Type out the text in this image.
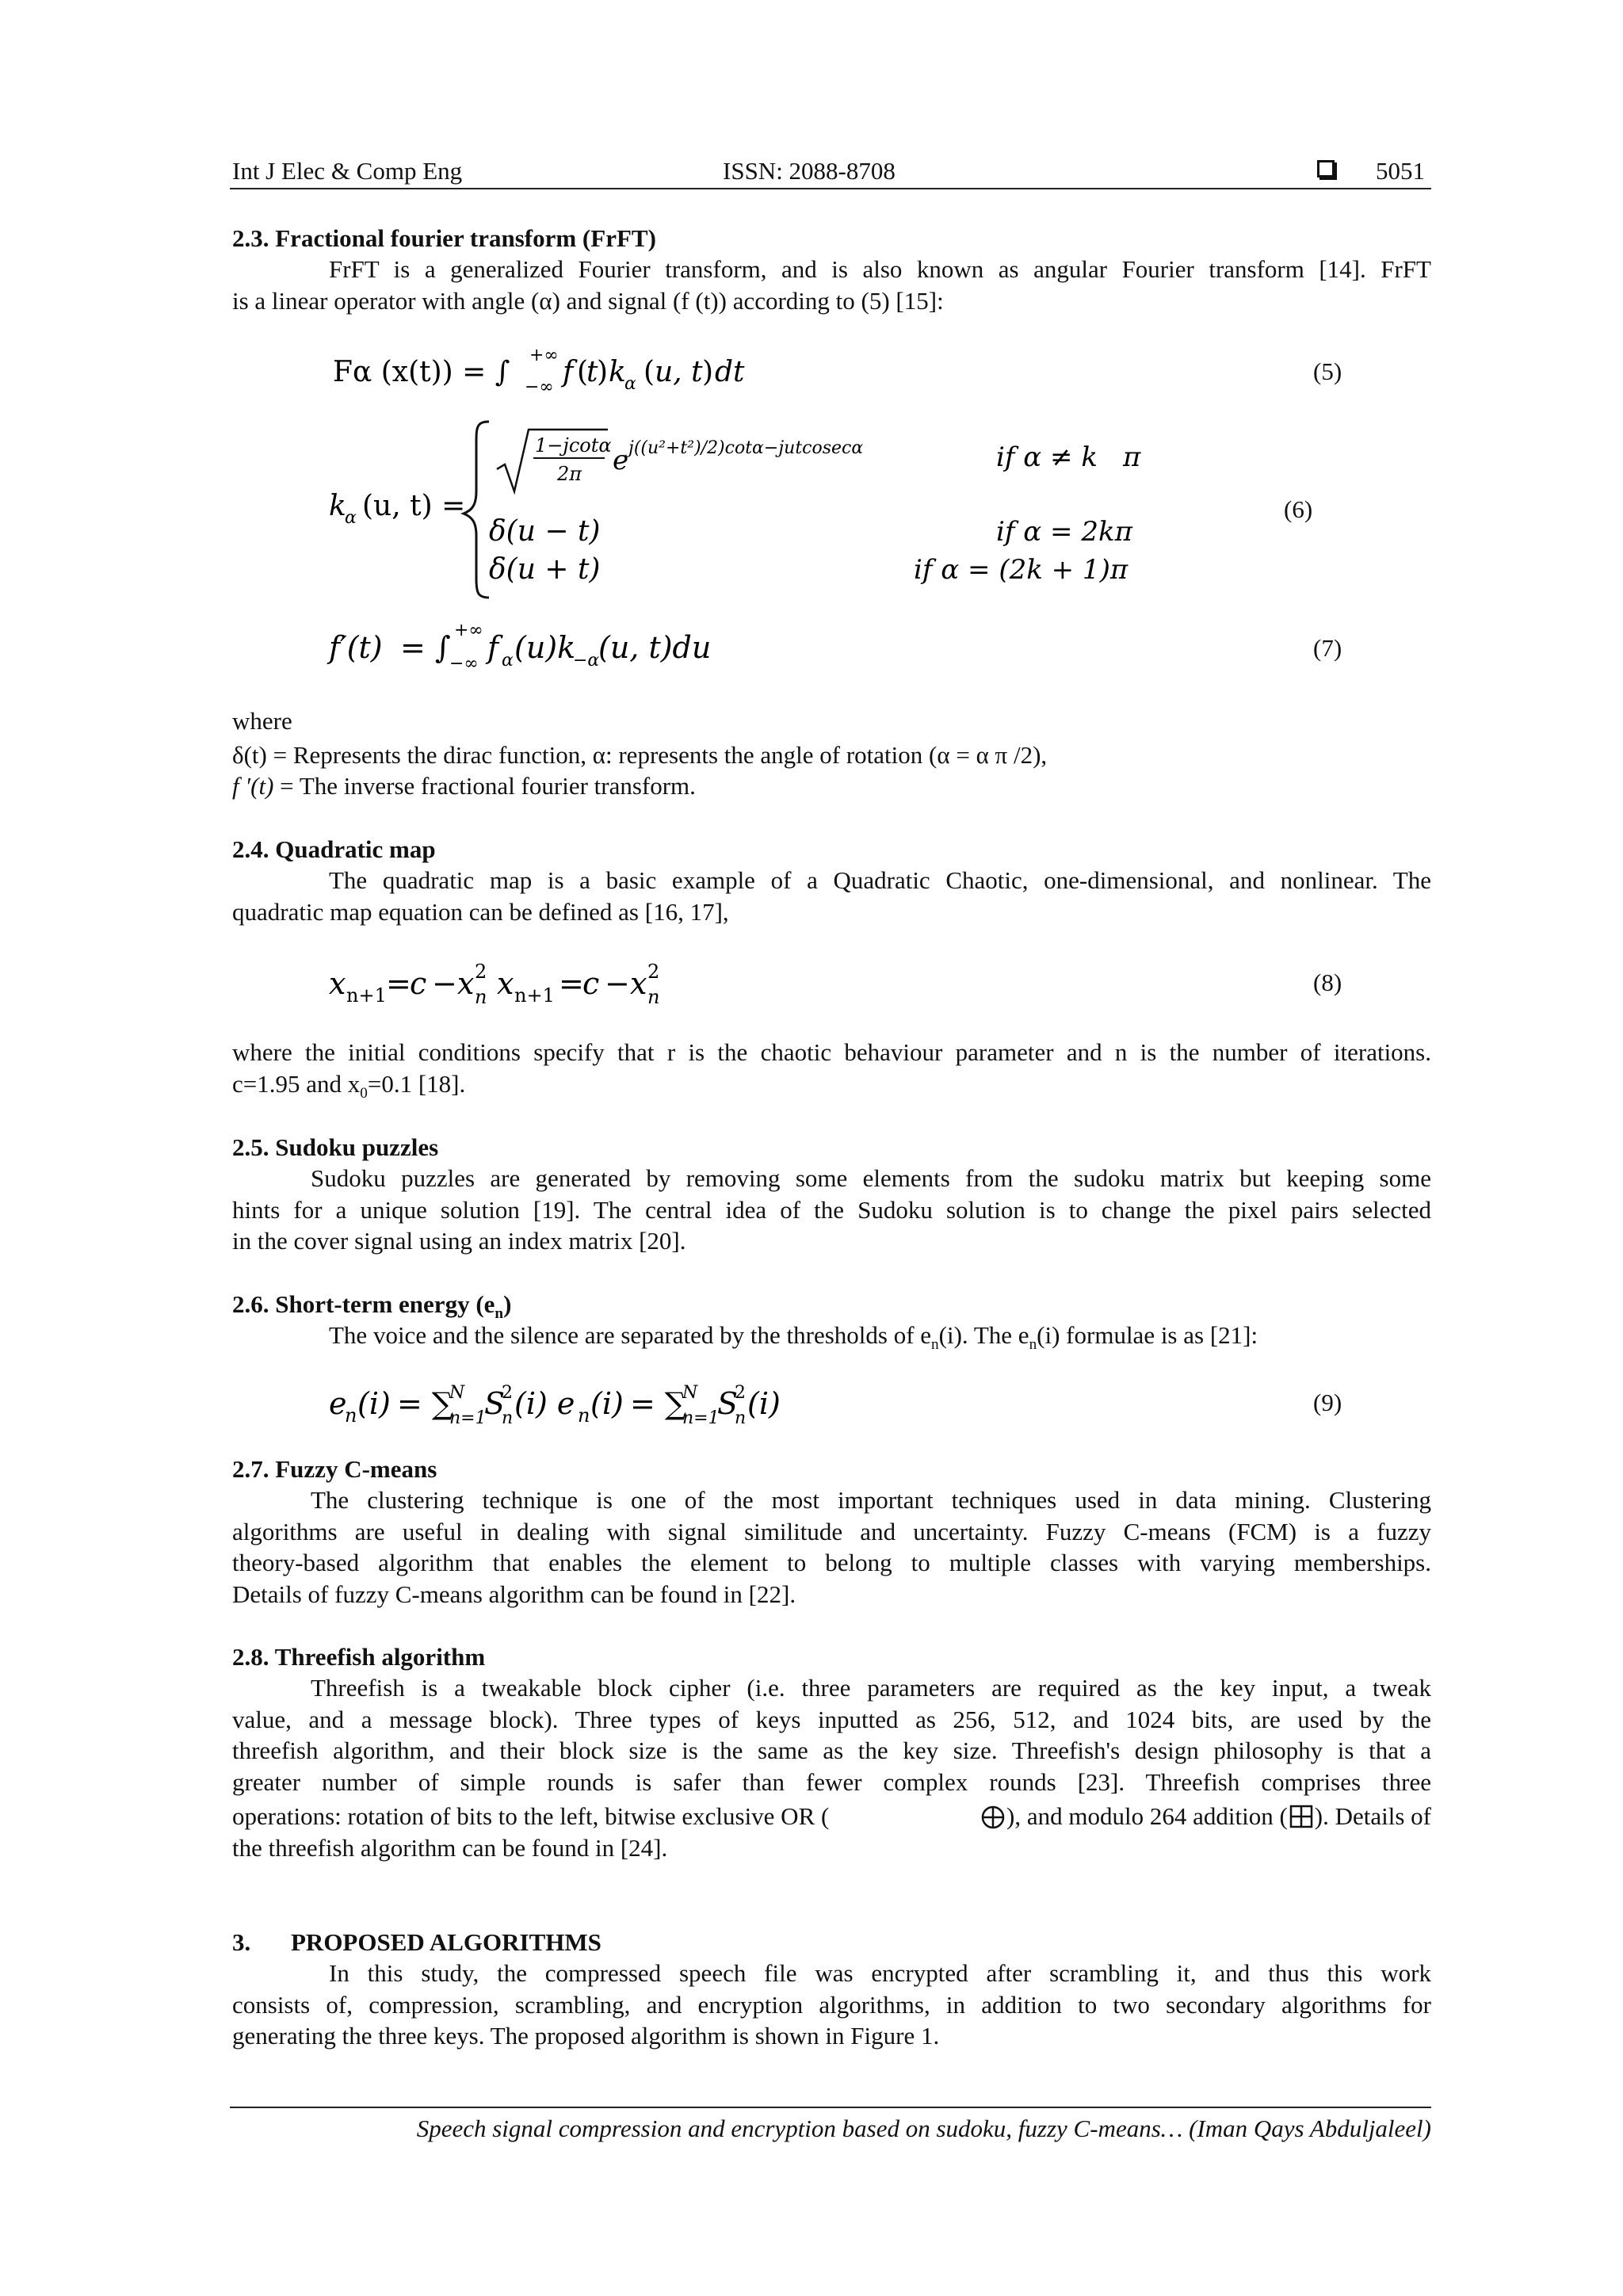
Int J Elec & Comp Eng	ISSN: 2088-8708	5051
2.3. Fractional fourier transform (FrFT)
FrFT is a generalized Fourier transform, and is also known as angular Fourier transform [14]. FrFT
is a linear operator with angle (α) and signal (f (t)) according to (5) [15]:
Fα (x(t)) = ∫
+∞
−∞ f (
t
) k
α ( u, t ) dt	(5)
k
α (u, t) =
1−jcotα
2π e j((u²+t²)/2)cotα−jutcosecα	if α ≠ k π
δ(u − t)	if α = 2kπ
δ(u + t)	if α = (2k + 1)π
(6)
f′(t) = ∫ +∞
−∞ f α (u)k
−α
(u, t)du	(7)
where
δ(t) = Represents the dirac function, α: represents the angle of rotation (α = α π /2),
f ′(t) = The inverse fractional fourier transform.
2.4. Quadratic map
The quadratic map is a basic example of a Quadratic Chaotic, one-dimensional, and nonlinear. The
quadratic map equation can be defined as [16, 17],
x n+1 =
c − x 2
n x n+1 =
c − x 2
n
(8)
where the initial conditions specify that r is the chaotic behaviour parameter and n is the number of iterations.
c=1.95 and $x_0=0.1$ [18].
2.5. Sudoku puzzles
Sudoku puzzles are generated by removing some elements from the sudoku matrix but keeping some
hints for a unique solution [19]. The central idea of the Sudoku solution is to change the pixel pairs selected
in the cover signal using an index matrix [20].
2.6. Short-term energy $(e_n)$
The voice and the silence are separated by the thresholds of $e_n(i)$. The $e_n(i)$ formulae is as [21]:
e
n (i) = ∑
N
n=1
S
2
n (i) e n (i) = ∑
N
n=1
S
2
n (i)	(9)
2.7. Fuzzy C-means
The clustering technique is one of the most important techniques used in data mining. Clustering
algorithms are useful in dealing with signal similitude and uncertainty. Fuzzy C-means (FCM) is a fuzzy
theory-based algorithm that enables the element to belong to multiple classes with varying memberships.
Details of fuzzy C-means algorithm can be found in [22].
2.8. Threefish algorithm
Threefish is a tweakable block cipher (i.e. three parameters are required as the key input, a tweak
value, and a message block). Three types of keys inputted as 256, 512, and 1024 bits, are used by the
threefish algorithm, and their block size is the same as the key size. Threefish's design philosophy is that a
greater number of simple rounds is safer than fewer complex rounds [23]. Threefish comprises three
operations: rotation of bits to the left, bitwise exclusive OR (	), and modulo 264 addition ( ). Details of
the threefish algorithm can be found in [24].
3. PROPOSED ALGORITHMS
In this study, the compressed speech file was encrypted after scrambling it, and thus this work
consists of, compression, scrambling, and encryption algorithms, in addition to two secondary algorithms for
generating the three keys. The proposed algorithm is shown in Figure 1.
Speech signal compression and encryption based on sudoku, fuzzy C-means… (Iman Qays Abduljaleel)
